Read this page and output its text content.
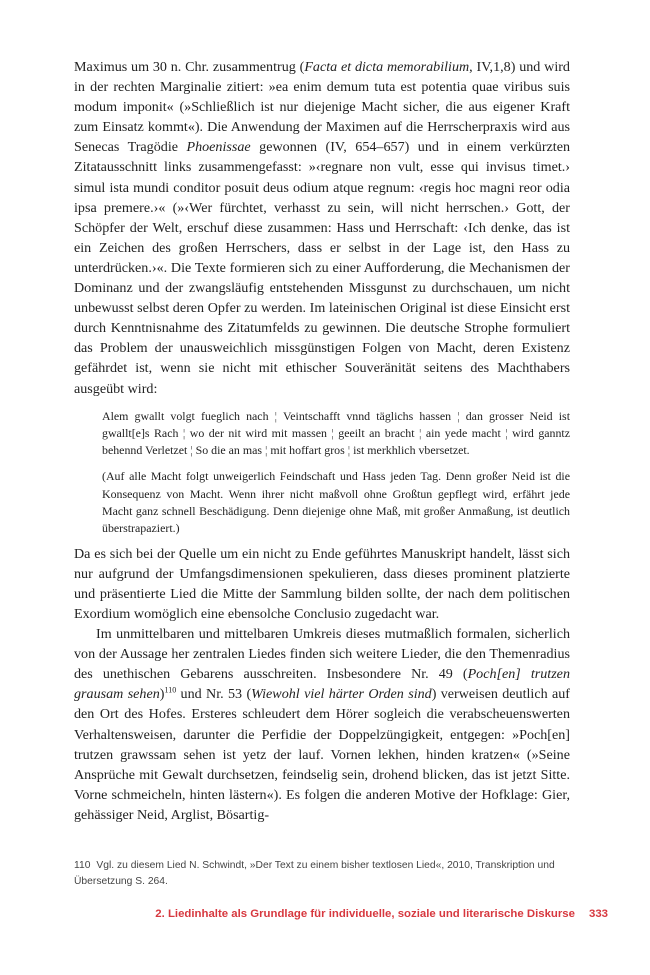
Maximus um 30 n. Chr. zusammentrug (Facta et dicta memorabilium, IV,1,8) und wird in der rechten Marginalie zitiert: »ea enim demum tuta est potentia quae viribus suis modum imponit« (»Schließlich ist nur diejenige Macht sicher, die aus eigener Kraft zum Einsatz kommt«). Die Anwendung der Maximen auf die Herrscherpraxis wird aus Senecas Tragödie Phoenissae gewonnen (IV, 654–657) und in einem verkürzten Zitatausschnitt links zusammengefasst: »‹regnare non vult, esse qui invisus timet.› simul ista mundi conditor posuit deus odium atque regnum: ‹regis hoc magni reor odia ipsa premere.›« (»‹Wer fürchtet, verhasst zu sein, will nicht herrschen.› Gott, der Schöpfer der Welt, erschuf diese zusammen: Hass und Herrschaft: ‹Ich denke, das ist ein Zeichen des großen Herrschers, dass er selbst in der Lage ist, den Hass zu unterdrücken.›«. Die Texte formieren sich zu einer Aufforderung, die Mechanismen der Dominanz und der zwangsläufig entstehenden Missgunst zu durchschauen, um nicht unbewusst selbst deren Opfer zu werden. Im lateinischen Original ist diese Einsicht erst durch Kenntnisnahme des Zitatumfelds zu gewinnen. Die deutsche Strophe formuliert das Problem der unausweichlich missgünstigen Folgen von Macht, deren Existenz gefährdet ist, wenn sie nicht mit ethischer Souveränität seitens des Machthabers ausgeübt wird:

Alem gwallt volgt fueglich nach ¦ Veintschafft vnnd täglichs hassen ¦ dan grosser Neid ist gwallt[e]s Rach ¦ wo der nit wird mit massen ¦ geeilt an bracht ¦ ain yede macht ¦ wird ganntz behennd Verletzet ¦ So die an mas ¦ mit hoffart gros ¦ ist merkhlich vbersetzet.

(Auf alle Macht folgt unweigerlich Feindschaft und Hass jeden Tag. Denn großer Neid ist die Konsequenz von Macht. Wenn ihrer nicht maßvoll ohne Großtun gepflegt wird, erfährt jede Macht ganz schnell Beschädigung. Denn diejenige ohne Maß, mit großer Anmaßung, ist deutlich überstrapaziert.)

Da es sich bei der Quelle um ein nicht zu Ende geführtes Manuskript handelt, lässt sich nur aufgrund der Umfangsdimensionen spekulieren, dass dieses prominent platzierte und präsentierte Lied die Mitte der Sammlung bilden sollte, der nach dem politischen Exordium womöglich eine ebensolche Conclusio zugedacht war.

Im unmittelbaren und mittelbaren Umkreis dieses mutmaßlich formalen, sicherlich von der Aussage her zentralen Liedes finden sich weitere Lieder, die den Themenradius des unethischen Gebarens ausschreiten. Insbesondere Nr. 49 (Poch[en] trutzen grausam sehen)$^{110}$ und Nr. 53 (Wiewohl viel härter Orden sind) verweisen deutlich auf den Ort des Hofes. Ersteres schleudert dem Hörer sogleich die verabscheuenswerten Verhaltensweisen, darunter die Perfidie der Doppelzüngigkeit, entgegen: »Poch[en] trutzen grawssam sehen ist yetz der lauf. Vornen lekhen, hinden kratzen« (»Seine Ansprüche mit Gewalt durchsetzen, feindselig sein, drohend blicken, das ist jetzt Sitte. Vorne schmeicheln, hinten lästern«). Es folgen die anderen Motive der Hofklage: Gier, gehässiger Neid, Arglist, Bösartig-

110 Vgl. zu diesem Lied N. Schwindt, »Der Text zu einem bisher textlosen Lied«, 2010, Transkription und Übersetzung S. 264.
2. Liedinhalte als Grundlage für individuelle, soziale und literarische Diskurse 333
